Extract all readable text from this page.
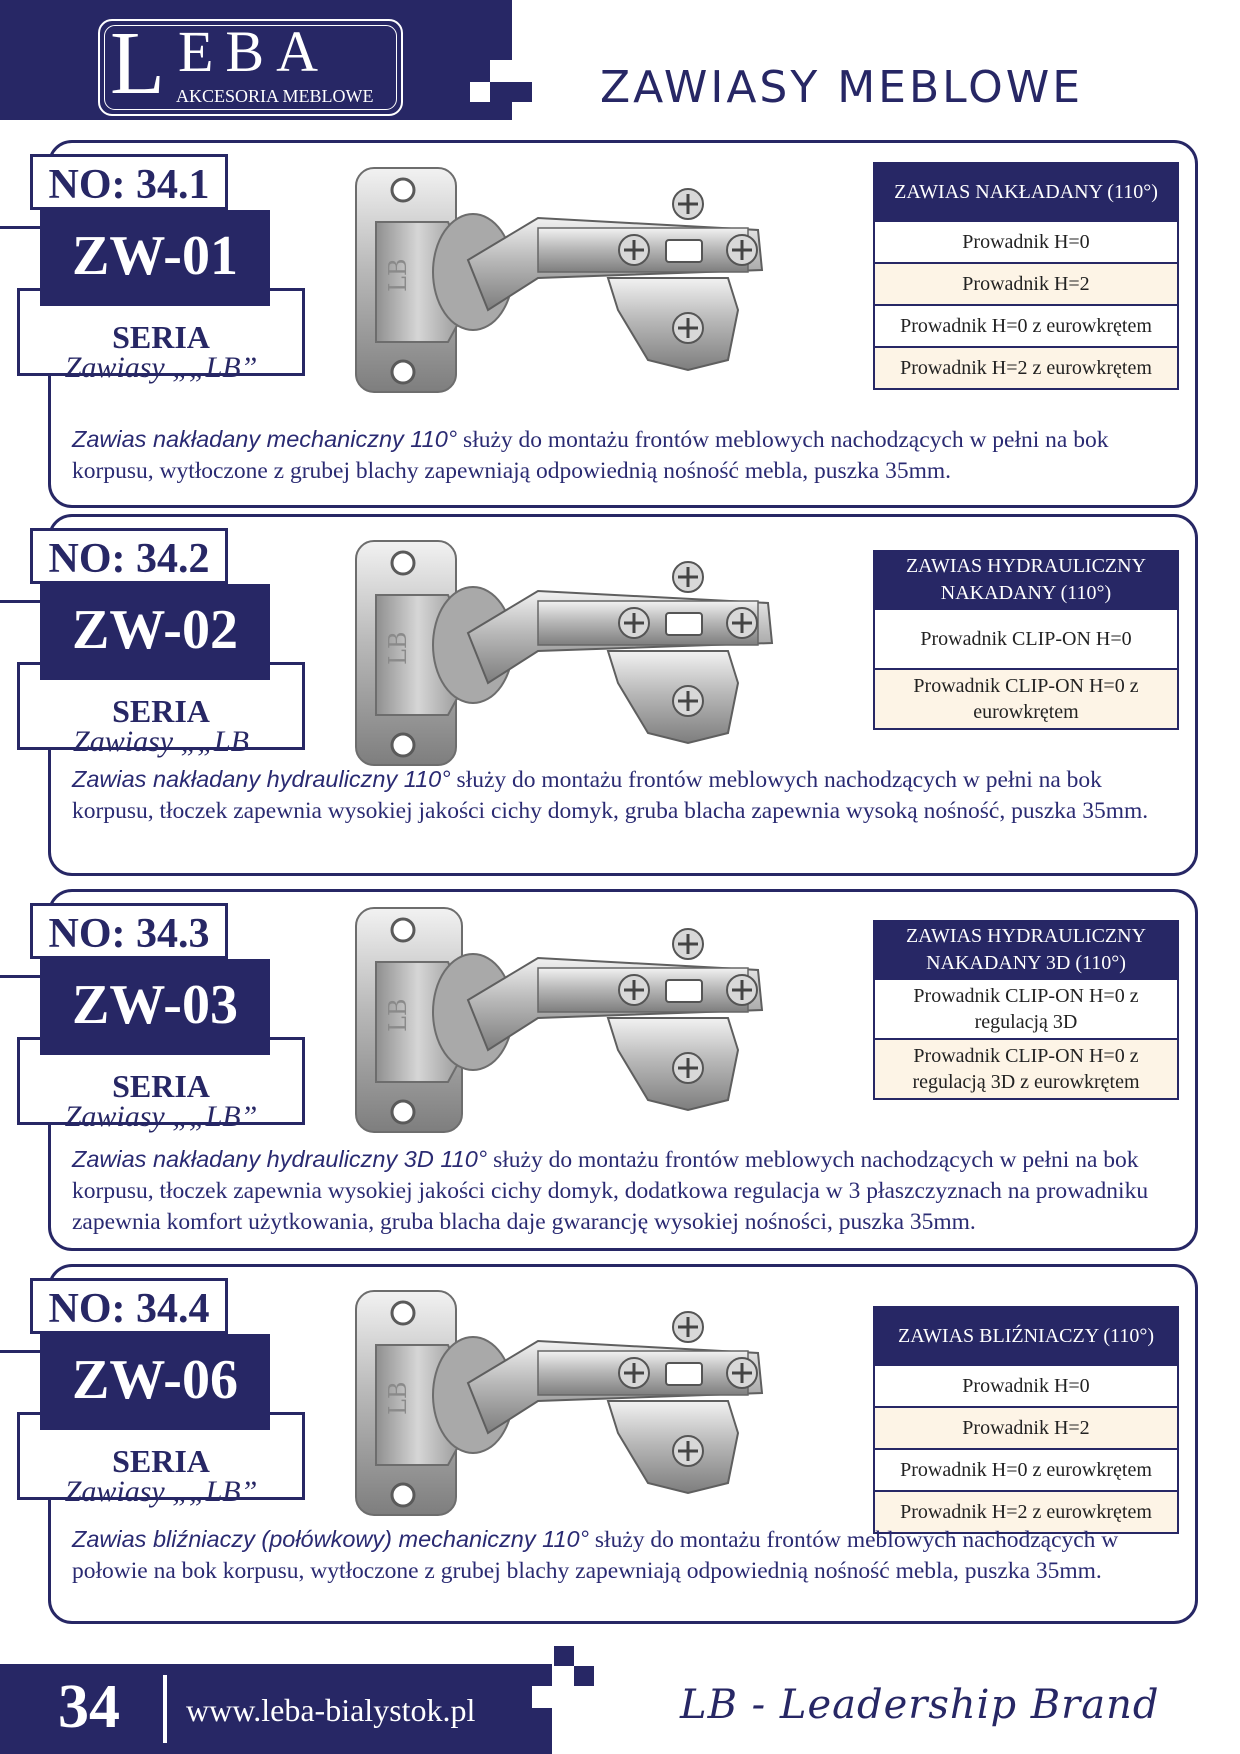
L EBA
AKCESORIA MEBLOWE	ZAWIASY MEBLOWE
NO: 34.1
SERIA
Zawiasy „„LB”
ZW-01	LB
ZAWIAS NAKŁADANY (110°)
Prowadnik H=0
Prowadnik H=2
Prowadnik H=0 z eurowkrętem
Prowadnik H=2 z eurowkrętem
Zawias nakładany mechaniczny 110° służy do montażu frontów meblowych nachodzących w pełni na bok korpusu, wytłoczone z grubej blachy zapewniają odpowiednią nośność mebla, puszka 35mm.
NO: 34.2
SERIA
Zawiasy „„LB
ZW-02	LB
ZAWIAS HYDRAULICZNY NAKADANY (110°)
Prowadnik CLIP-ON H=0
Prowadnik CLIP-ON H=0 z eurowkrętem
Zawias nakładany hydrauliczny 110° służy do montażu frontów meblowych nachodzących w pełni na bok korpusu, tłoczek zapewnia wysokiej jakości cichy domyk, gruba blacha zapewnia wysoką nośność, puszka 35mm.
NO: 34.3
SERIA
Zawiasy „„LB”
ZW-03	LB
ZAWIAS HYDRAULICZNY NAKADANY 3D (110°)
Prowadnik CLIP-ON H=0 z regulacją 3D
Prowadnik CLIP-ON H=0 z regulacją 3D z eurowkrętem
Zawias nakładany hydrauliczny 3D 110° służy do montażu frontów meblowych nachodzących w pełni na bok korpusu, tłoczek zapewnia wysokiej jakości cichy domyk, dodatkowa regulacja w 3 płaszczyznach na prowadniku zapewnia komfort użytkowania, gruba blacha daje gwarancję wysokiej nośności, puszka 35mm.
NO: 34.4
SERIA
Zawiasy „„LB”
ZW-06	LB
ZAWIAS BLIŹNIACZY (110°)
Prowadnik H=0
Prowadnik H=2
Prowadnik H=0 z eurowkrętem
Prowadnik H=2 z eurowkrętem
Zawias bliźniaczy (połówkowy) mechaniczny 110° służy do montażu frontów meblowych nachodzących w połowie na bok korpusu, wytłoczone z grubej blachy zapewniają odpowiednią nośność mebla, puszka 35mm.
34 www.leba-bialystok.pl	LB - Leadership Brand
